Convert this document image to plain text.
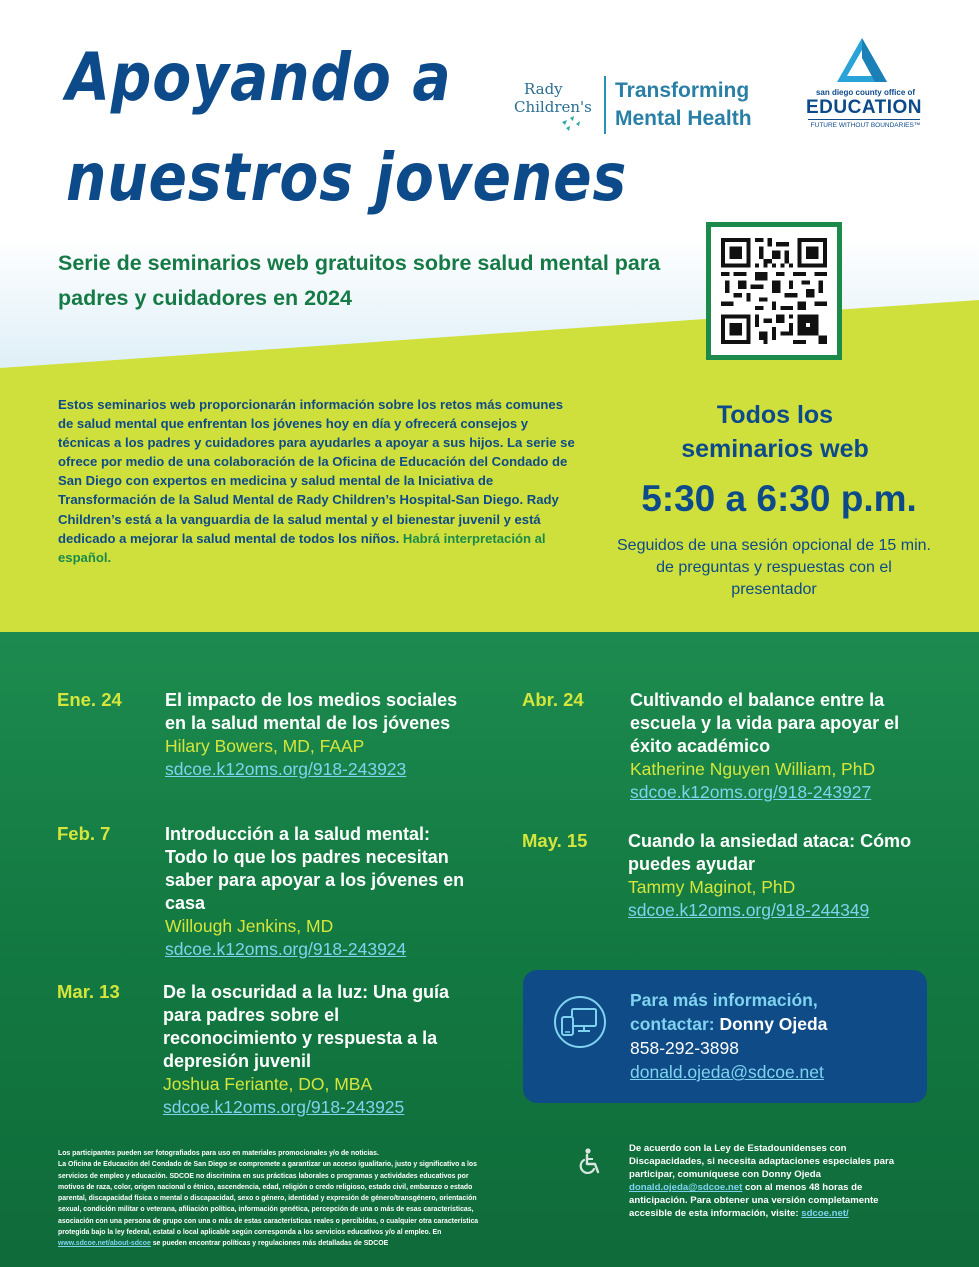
Apoyando a
nuestros jovenes
Rady
Children's
Transforming
Mental Health
san diego county office of
EDUCATION
FUTURE WITHOUT BOUNDARIES™
Serie de seminarios web gratuitos sobre salud mental para padres y cuidadores en 2024
Estos seminarios web proporcionarán información sobre los retos más comunes de salud mental que enfrentan los jóvenes hoy en día y ofrecerá consejos y técnicas a los padres y cuidadores para ayudarles a apoyar a sus hijos. La serie se ofrece por medio de una colaboración de la Oficina de Educación del Condado de San Diego con expertos en medicina y salud mental de la Iniciativa de Transformación de la Salud Mental de Rady Children’s Hospital-San Diego. Rady Children’s está a la vanguardia de la salud mental y el bienestar juvenil y está dedicado a mejorar la salud mental de todos los niños. Habrá interpretación al español.
Todos los
seminarios web
5:30 a 6:30 p.m.
Seguidos de una sesión opcional de 15 min. de preguntas y respuestas con el presentador
Ene. 24 El impacto de los medios sociales en la salud mental de los jóvenes
Hilary Bowers, MD, FAAP
sdcoe.k12oms.org/918-243923
Feb. 7	Introducción a la salud mental: Todo lo que los padres necesitan saber para apoyar a los jóvenes en casa
Willough Jenkins, MD
sdcoe.k12oms.org/918-243924
Mar. 13 De la oscuridad a la luz: Una guía para padres sobre el reconocimiento y respuesta a la depresión juvenil
Joshua Feriante, DO, MBA
sdcoe.k12oms.org/918-243925
Abr. 24	Cultivando el balance entre la escuela y la vida para apoyar el éxito académico
Katherine Nguyen William, PhD
sdcoe.k12oms.org/918-243927
May. 15 Cuando la ansiedad ataca: Cómo puedes ayudar
Tammy Maginot, PhD
sdcoe.k12oms.org/918-244349
Para más información,
contactar: Donny Ojeda
858-292-3898
donald.ojeda@sdcoe.net
Los participantes pueden ser fotografiados para uso en materiales promocionales y/o de noticias.
La Oficina de Educación del Condado de San Diego se compromete a garantizar un acceso igualitario, justo y significativo a los servicios de empleo y educación. SDCOE no discrimina en sus prácticas laborales o programas y actividades educativos por motivos de raza, color, origen nacional o étnico, ascendencia, edad, religión o credo religioso, estado civil, embarazo o estado parental, discapacidad física o mental o discapacidad, sexo o género, identidad y expresión de género/transgénero, orientación sexual, condición militar o veterana, afiliación política, información genética, percepción de una o más de esas características, asociación con una persona de grupo con una o más de estas características reales o percibidas, o cualquier otra característica protegida bajo la ley federal, estatal o local aplicable según corresponda a los servicios educativos y/o al empleo. En www.sdcoe.net/about-sdcoe se pueden encontrar políticas y regulaciones más detalladas de SDCOE
De acuerdo con la Ley de Estadounidenses con Discapacidades, si necesita adaptaciones especiales para participar, comuníquese con Donny Ojeda donald.ojeda@sdcoe.net con al menos 48 horas de anticipación. Para obtener una versión completamente accesible de esta información, visite: sdcoe.net/
